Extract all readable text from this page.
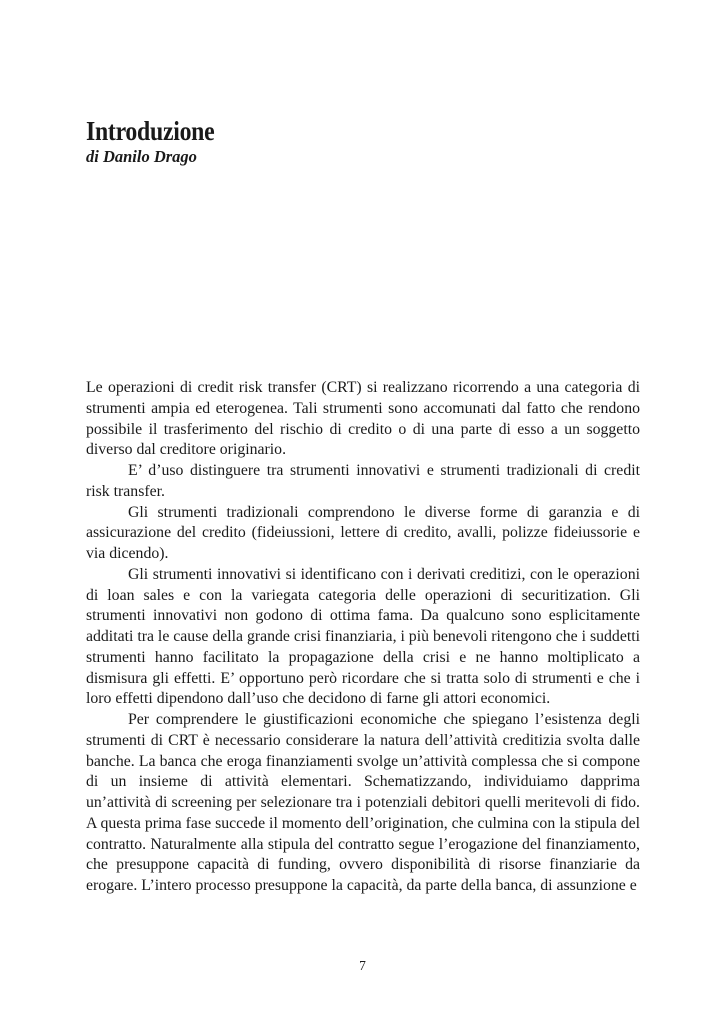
Introduzione
di Danilo Drago

Le operazioni di credit risk transfer (CRT) si realizzano ricorrendo a una categoria di strumenti ampia ed eterogenea. Tali strumenti sono accomunati dal fatto che rendono possibile il trasferimento del rischio di credito o di una parte di esso a un soggetto diverso dal creditore originario.

E’ d’uso distinguere tra strumenti innovativi e strumenti tradizionali di credit risk transfer.

Gli strumenti tradizionali comprendono le diverse forme di garanzia e di assicurazione del credito (fideiussioni, lettere di credito, avalli, polizze fideiussorie e via dicendo).

Gli strumenti innovativi si identificano con i derivati creditizi, con le operazioni di loan sales e con la variegata categoria delle operazioni di securitization. Gli strumenti innovativi non godono di ottima fama. Da qualcuno sono esplicitamente additati tra le cause della grande crisi finanziaria, i più benevoli ritengono che i suddetti strumenti hanno facilitato la propagazione della crisi e ne hanno moltiplicato a dismisura gli effetti. E’ opportuno però ricordare che si tratta solo di strumenti e che i loro effetti dipendono dall’uso che decidono di farne gli attori economici.

Per comprendere le giustificazioni economiche che spiegano l’esistenza degli strumenti di CRT è necessario considerare la natura dell’attività creditizia svolta dalle banche. La banca che eroga finanziamenti svolge un’attività complessa che si compone di un insieme di attività elementari. Schematizzando, individuiamo dapprima un’attività di screening per selezionare tra i potenziali debitori quelli meritevoli di fido. A questa prima fase succede il momento dell’origination, che culmina con la stipula del contratto. Naturalmente alla stipula del contratto segue l’erogazione del finanziamento, che presuppone capacità di funding, ovvero disponibilità di risorse finanziarie da erogare. L’intero processo presuppone la capacità, da parte della banca, di assunzione e

7
